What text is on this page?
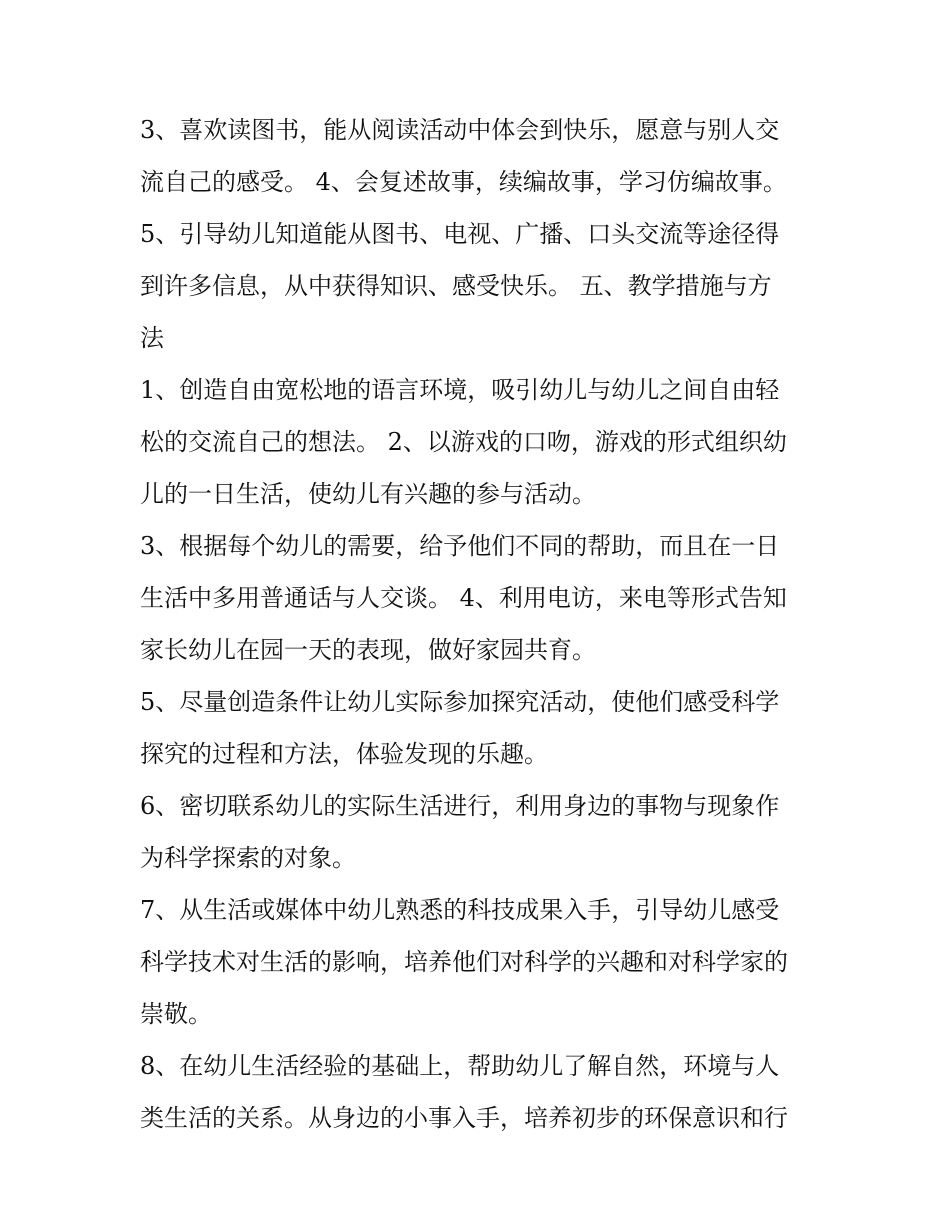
3、喜欢读图书，能从阅读活动中体会到快乐，愿意与别人交
流自己的感受。 4、会复述故事，续编故事，学习仿编故事。

5、引导幼儿知道能从图书、电视、广播、口头交流等途径得
到许多信息，从中获得知识、感受快乐。 五、教学措施与方
法

1、创造自由宽松地的语言环境，吸引幼儿与幼儿之间自由轻
松的交流自己的想法。 2、以游戏的口吻，游戏的形式组织幼
儿的一日生活，使幼儿有兴趣的参与活动。

3、根据每个幼儿的需要，给予他们不同的帮助，而且在一日
生活中多用普通话与人交谈。 4、利用电访，来电等形式告知
家长幼儿在园一天的表现，做好家园共育。

5、尽量创造条件让幼儿实际参加探究活动，使他们感受科学
探究的过程和方法，体验发现的乐趣。

6、密切联系幼儿的实际生活进行，利用身边的事物与现象作
为科学探索的对象。

7、从生活或媒体中幼儿熟悉的科技成果入手，引导幼儿感受
科学技术对生活的影响，培养他们对科学的兴趣和对科学家的
崇敬。

8、在幼儿生活经验的基础上，帮助幼儿了解自然，环境与人
类生活的关系。从身边的小事入手，培养初步的环保意识和行
